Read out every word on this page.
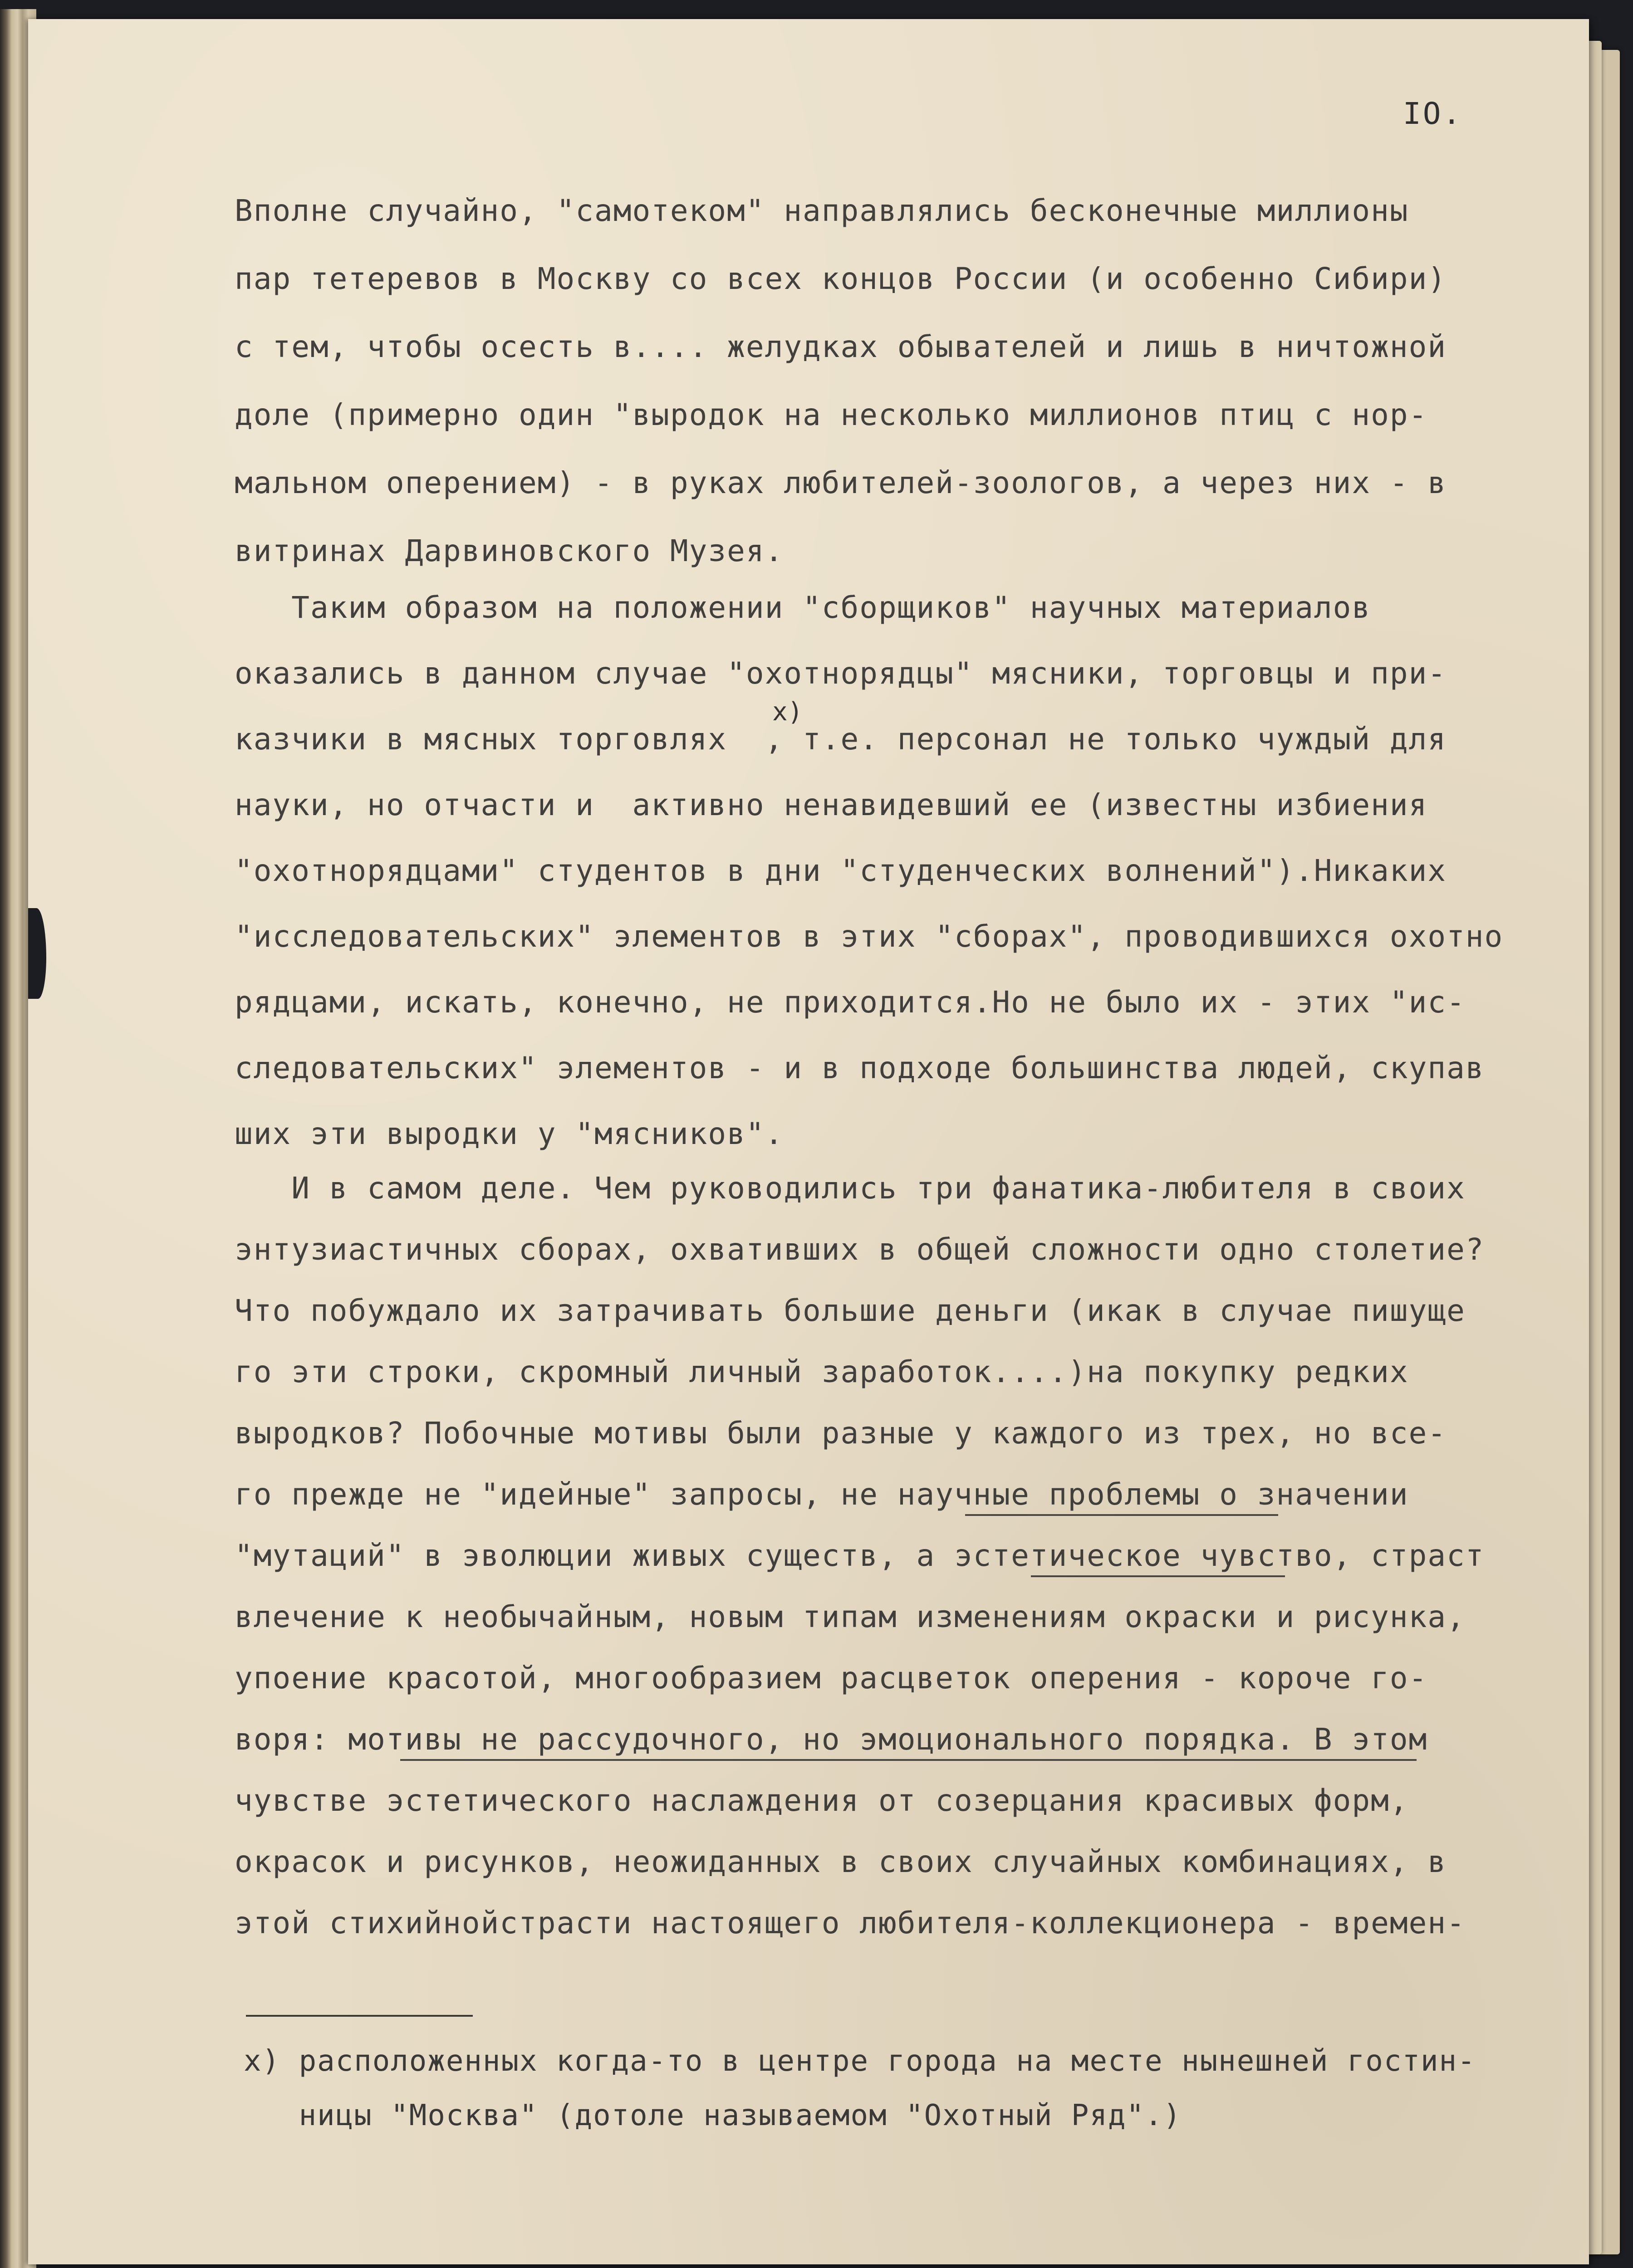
IO.
Вполне случайно, "самотеком" направлялись бесконечные миллионы
пар тетеревов в Москву со всех концов России (и особенно Сибири)
с тем, чтобы осесть в.... желудках обывателей и лишь в ничтожной
доле (примерно один "выродок на несколько миллионов птиц с нор-
мальном оперением) - в руках любителей-зоологов, а через них - в
витринах Дарвиновского Музея.
Таким образом на положении "сборщиков" научных материалов
оказались в данном случае "охотнорядцы" мясники, торговцы и при-
x)
казчики в мясных торговлях  , т.е. персонал не только чуждый для
науки, но отчасти и  активно ненавидевший ее (известны избиения
"охотнорядцами" студентов в дни "студенческих волнений").Никаких
"исследовательских" элементов в этих "сборах", проводившихся охотно
рядцами, искать, конечно, не приходится.Но не было их - этих "ис-
следовательских" элементов - и в подходе большинства людей, скупав
ших эти выродки у "мясников".
И в самом деле. Чем руководились три фанатика-любителя в своих
энтузиастичных сборах, охвативших в общей сложности одно столетие?
Что побуждало их затрачивать большие деньги (икак в случае пишуще
го эти строки, скромный личный заработок....)на покупку редких
выродков? Побочные мотивы были разные у каждого из трех, но все-
го прежде не "идейные" запросы, не научные проблемы о значении
"мутаций" в эволюции живых существ, а эстетическое чувство, страст
влечение к необычайным, новым типам изменениям окраски и рисунка,
упоение красотой, многообразием расцветок оперения - короче го-
воря: мотивы не рассудочного, но эмоционального порядка. В этом
чувстве эстетического наслаждения от созерцания красивых форм,
окрасок и рисунков, неожиданных в своих случайных комбинациях, в
этой стихийнойстрасти настоящего любителя-коллекционера - времен-
x) расположенных когда-то в центре города на месте нынешней гостин-
ницы "Москва" (дотоле называемом "Охотный Ряд".)
